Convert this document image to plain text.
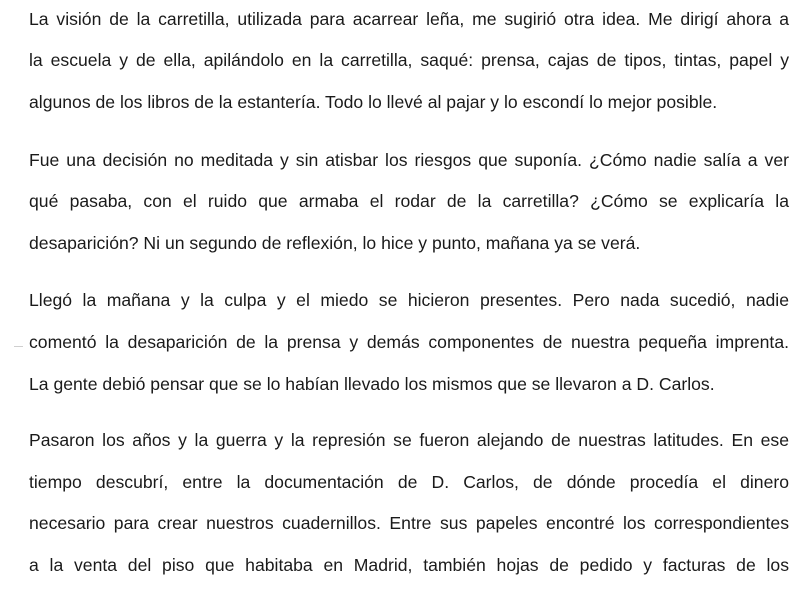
La visión de la carretilla, utilizada para acarrear leña, me sugirió otra idea. Me dirigí ahora a
la escuela y de ella, apilándolo en la carretilla, saqué: prensa, cajas de tipos, tintas, papel y
algunos de los libros de la estantería. Todo lo llevé al pajar y lo escondí lo mejor posible.
Fue una decisión no meditada y sin atisbar los riesgos que suponía. ¿Cómo nadie salía a ver
qué pasaba, con el ruido que armaba el rodar de la carretilla? ¿Cómo se explicaría la
desaparición? Ni un segundo de reflexión, lo hice y punto, mañana ya se verá.
Llegó la mañana y la culpa y el miedo se hicieron presentes. Pero nada sucedió, nadie
comentó la desaparición de la prensa y demás componentes de nuestra pequeña imprenta.
La gente debió pensar que se lo habían llevado los mismos que se llevaron a D. Carlos.
Pasaron los años y la guerra y la represión se fueron alejando de nuestras latitudes. En ese
tiempo descubrí, entre la documentación de D. Carlos, de dónde procedía el dinero
necesario para crear nuestros cuadernillos. Entre sus papeles encontré los correspondientes
a la venta del piso que habitaba en Madrid, también hojas de pedido y facturas de los
